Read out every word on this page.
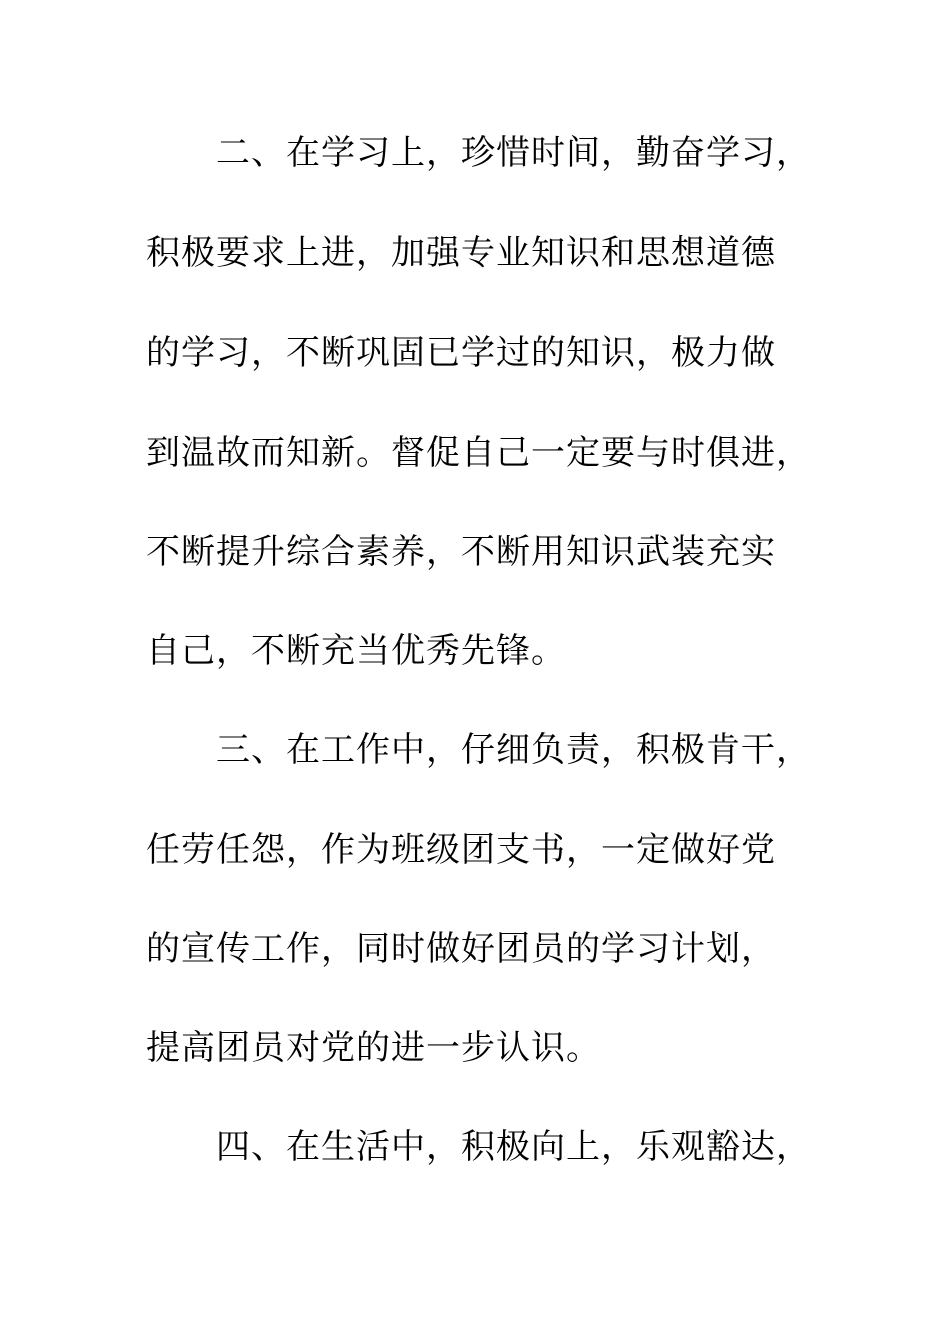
二、在学习上，珍惜时间，勤奋学习，
积极要求上进，加强专业知识和思想道德
的学习，不断巩固已学过的知识，极力做
到温故而知新。督促自己一定要与时俱进，
不断提升综合素养，不断用知识武装充实
自己，不断充当优秀先锋。
三、在工作中，仔细负责，积极肯干，
任劳任怨，作为班级团支书，一定做好党
的宣传工作，同时做好团员的学习计划，
提高团员对党的进一步认识。
四、在生活中，积极向上，乐观豁达，
